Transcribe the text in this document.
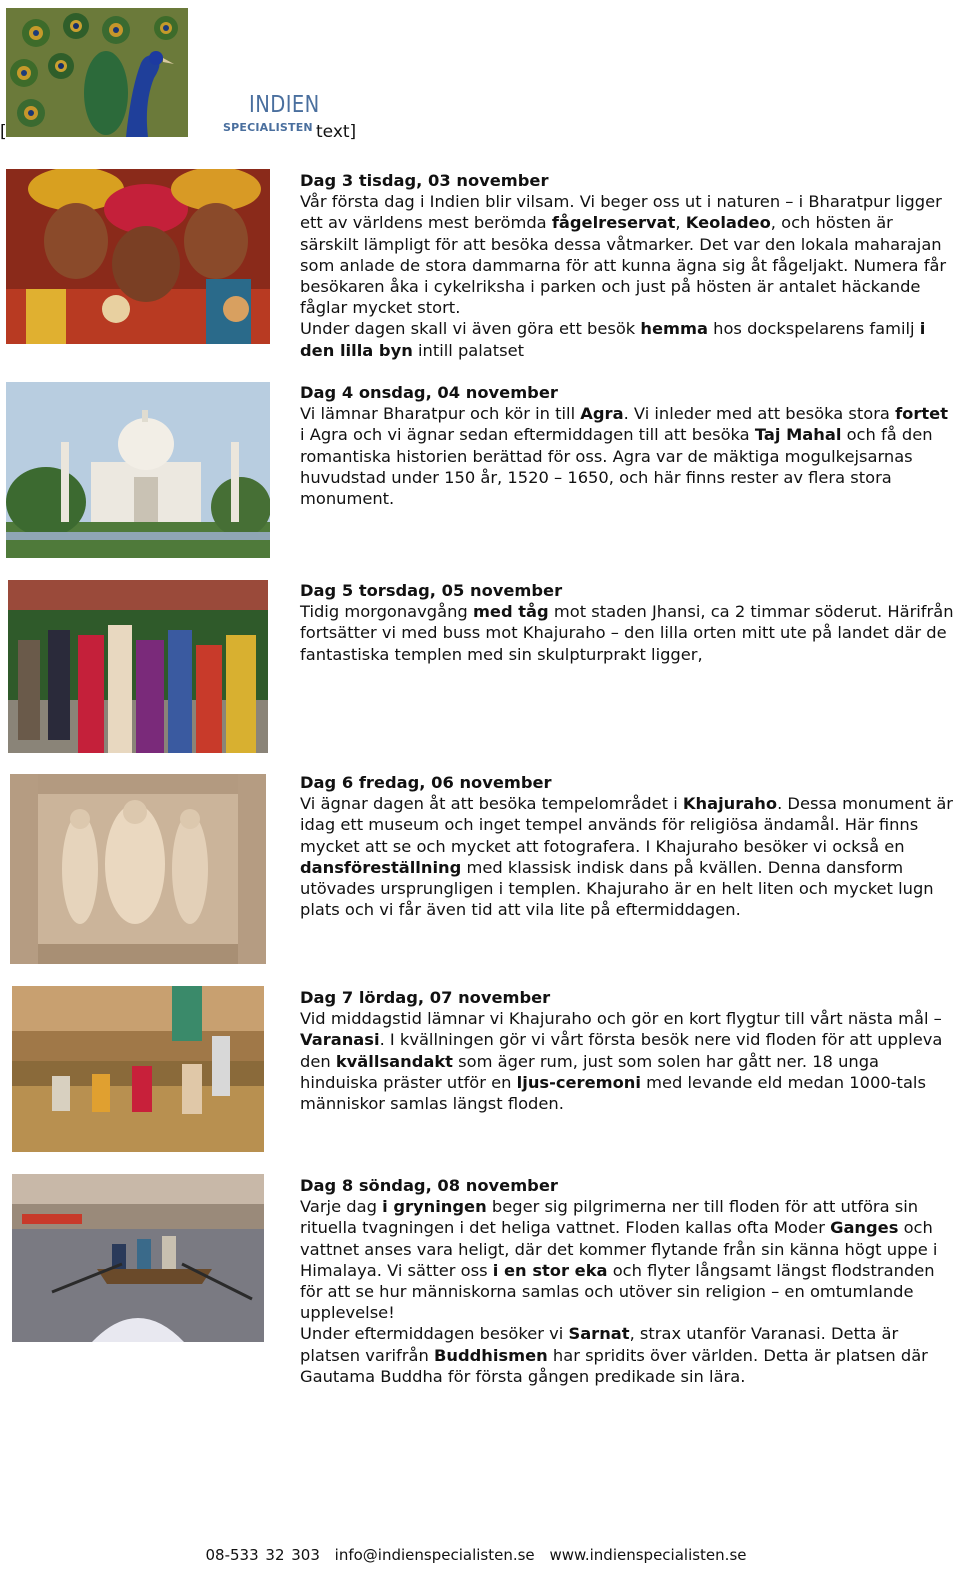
[
INDIEN
SPECIALISTEN text]
Dag 3 tisdag, 03 november

Vår första dag i Indien blir vilsam. Vi beger oss ut i naturen – i Bharatpur ligger ett av världens mest berömda fågelreservat, Keoladeo, och hösten är särskilt lämpligt för att besöka dessa våtmarker. Det var den lokala maharajan som anlade de stora dammarna för att kunna ägna sig åt fågeljakt. Numera får besökaren åka i cykelriksha i parken och just på hösten är antalet häckande fåglar mycket stort.

Under dagen skall vi även göra ett besök hemma hos dockspelarens familj i den lilla byn intill palatset

Dag 4 onsdag, 04 november

Vi lämnar Bharatpur och kör in till Agra. Vi inleder med att besöka stora fortet i Agra och vi ägnar sedan eftermiddagen till att besöka Taj Mahal och få den romantiska historien berättad för oss. Agra var de mäktiga mogulkejsarnas huvudstad under 150 år, 1520 – 1650, och här finns rester av flera stora monument.

Dag 5 torsdag, 05 november

Tidig morgonavgång med tåg mot staden Jhansi, ca 2 timmar söderut. Härifrån fortsätter vi med buss mot Khajuraho – den lilla orten mitt ute på landet där de fantastiska templen med sin skulpturprakt ligger,

Dag 6 fredag, 06 november

Vi ägnar dagen åt att besöka tempelområdet i Khajuraho. Dessa monument är idag ett museum och inget tempel används för religiösa ändamål. Här finns mycket att se och mycket att fotografera. I Khajuraho besöker vi också en dansföreställning med klassisk indisk dans på kvällen. Denna dansform utövades ursprungligen i templen. Khajuraho är en helt liten och mycket lugn plats och vi får även tid att vila lite på eftermiddagen.

Dag 7 lördag, 07 november

Vid middagstid lämnar vi Khajuraho och gör en kort flygtur till vårt nästa mål – Varanasi. I kvällningen gör vi vårt första besök nere vid floden för att uppleva den kvällsandakt som äger rum, just som solen har gått ner. 18 unga hinduiska präster utför en ljus-ceremoni med levande eld medan 1000-tals människor samlas längst floden.

Dag 8 söndag, 08 november

Varje dag i gryningen beger sig pilgrimerna ner till floden för att utföra sin rituella tvagningen i det heliga vattnet. Floden kallas ofta Moder Ganges och vattnet anses vara heligt, där det kommer flytande från sin känna högt uppe i Himalaya. Vi sätter oss i en stor eka och flyter långsamt längst flodstranden för att se hur människorna samlas och utöver sin religion – en omtumlande upplevelse!

Under eftermiddagen besöker vi Sarnat, strax utanför Varanasi. Detta är platsen varifrån Buddhismen har spridits över världen. Detta är platsen där Gautama Buddha för första gången predikade sin lära.

08-533 32 303 info@indienspecialisten.se www.indienspecialisten.se
